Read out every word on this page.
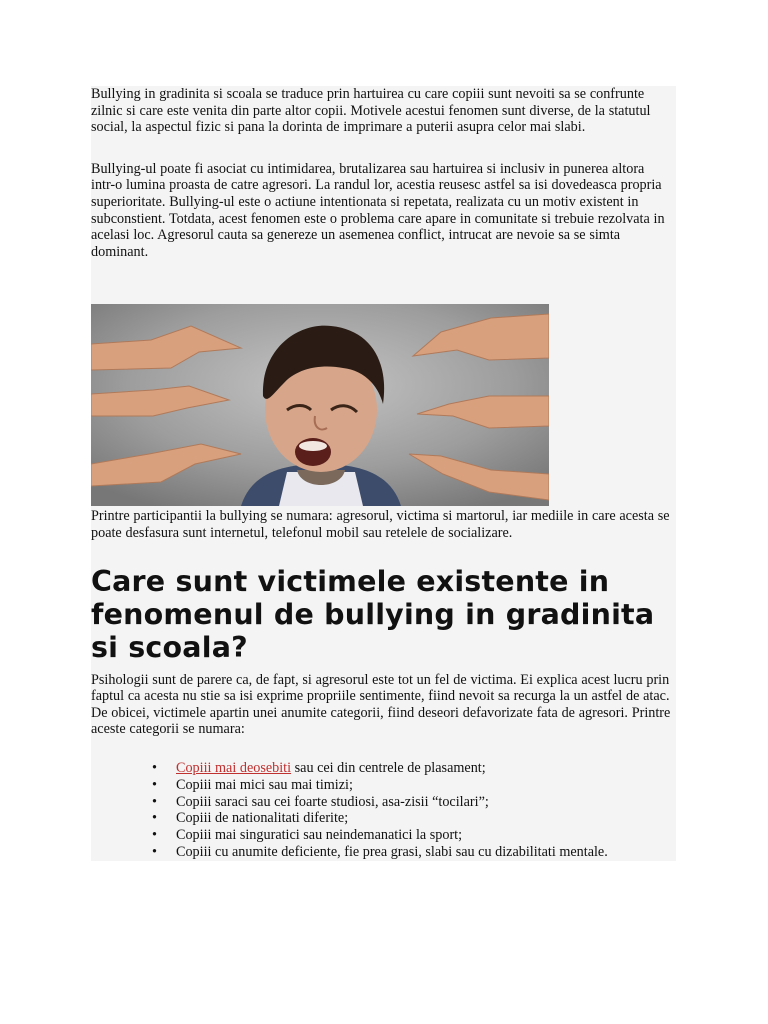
Bullying in gradinita si scoala se traduce prin hartuirea cu care copiii sunt nevoiti sa se confrunte zilnic si care este venita din parte altor copii. Motivele acestui fenomen sunt diverse, de la statutul social, la aspectul fizic si pana la dorinta de imprimare a puterii asupra celor mai slabi.

Bullying-ul poate fi asociat cu intimidarea, brutalizarea sau hartuirea si inclusiv in punerea altora intr-o lumina proasta de catre agresori. La randul lor, acestia reusesc astfel sa isi dovedeasca propria superioritate. Bullying-ul este o actiune intentionata si repetata, realizata cu un motiv existent in subconstient. Totdata, acest fenomen este o problema care apare in comunitate si trebuie rezolvata in acelasi loc. Agresorul cauta sa genereze un asemenea conflict, intrucat are nevoie sa se simta dominant.

Printre participantii la bullying se numara: agresorul, victima si martorul, iar mediile in care acesta se poate desfasura sunt internetul, telefonul mobil sau retelele de socializare.

Care sunt victimele existente in fenomenul de bullying in gradinita si scoala?

Psihologii sunt de parere ca, de fapt, si agresorul este tot un fel de victima. Ei explica acest lucru prin faptul ca acesta nu stie sa isi exprime propriile sentimente, fiind nevoit sa recurga la un astfel de atac. De obicei, victimele apartin unei anumite categorii, fiind deseori defavorizate fata de agresori. Printre aceste categorii se numara:

• Copiii mai deosebiti sau cei din centrele de plasament;
• Copiii mai mici sau mai timizi;
• Copiii saraci sau cei foarte studiosi, asa-zisii “tocilari”;
• Copiii de nationalitati diferite;
• Copiii mai singuratici sau neindemanatici la sport;
• Copiii cu anumite deficiente, fie prea grasi, slabi sau cu dizabilitati mentale.
